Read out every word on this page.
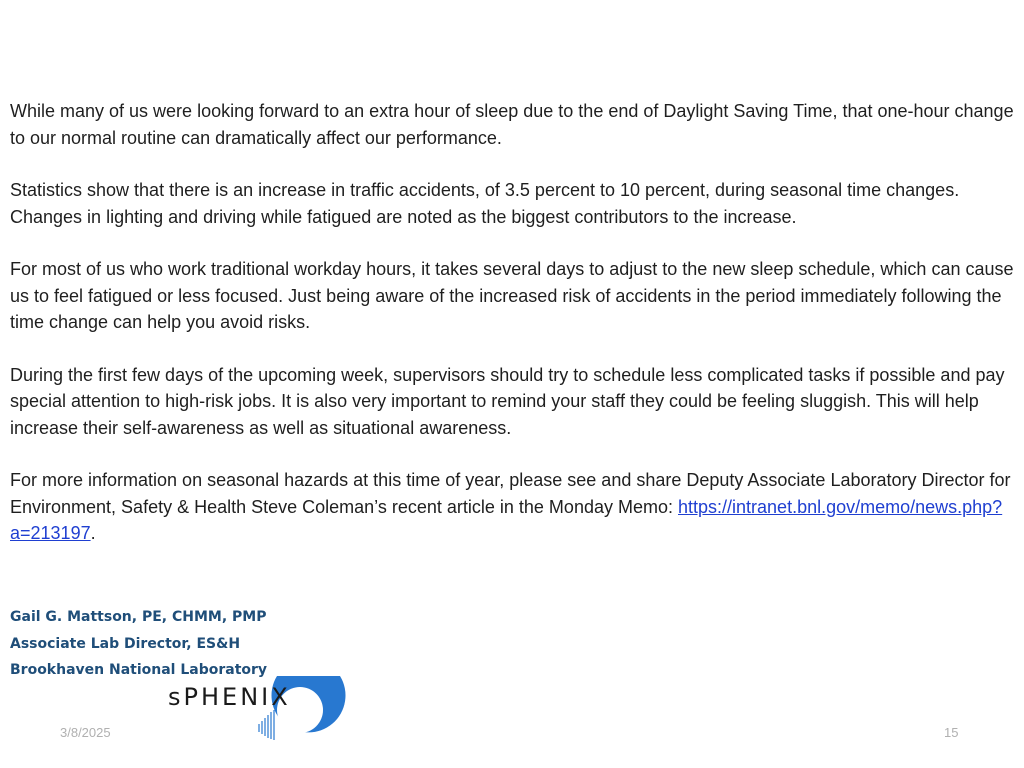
While many of us were looking forward to an extra hour of sleep due to the end of Daylight Saving Time, that one-hour change to our normal routine can dramatically affect our performance.

Statistics show that there is an increase in traffic accidents, of 3.5 percent to 10 percent, during seasonal time changes. Changes in lighting and driving while fatigued are noted as the biggest contributors to the increase.

For most of us who work traditional workday hours, it takes several days to adjust to the new sleep schedule, which can cause us to feel fatigued or less focused. Just being aware of the increased risk of accidents in the period immediately following the time change can help you avoid risks.

During the first few days of the upcoming week, supervisors should try to schedule less complicated tasks if possible and pay special attention to high-risk jobs. It is also very important to remind your staff they could be feeling sluggish. This will help increase their self-awareness as well as situational awareness.

For more information on seasonal hazards at this time of year, please see and share Deputy Associate Laboratory Director for Environment, Safety & Health Steve Coleman’s recent article in the Monday Memo: https://intranet.bnl.gov/memo/news.php?a=213197.

Gail G. Mattson, PE, CHMM, PMP
Associate Lab Director, ES&H
Brookhaven National Laboratory
sPHENIX
3/8/2025	15
